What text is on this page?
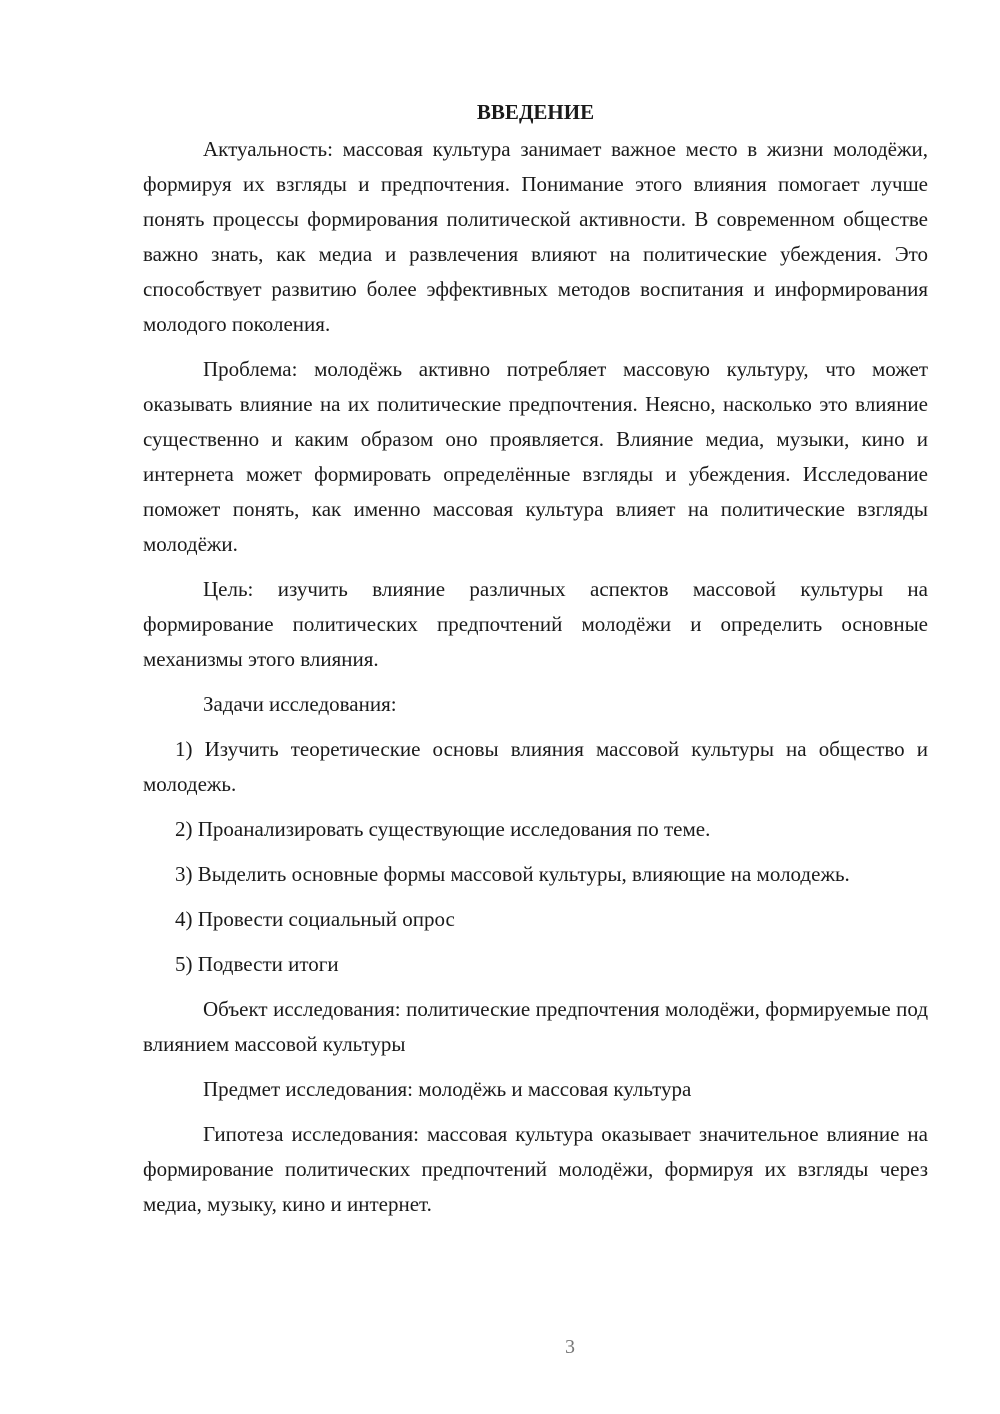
ВВЕДЕНИЕ

Актуальность: массовая культура занимает важное место в жизни молодёжи, формируя их взгляды и предпочтения. Понимание этого влияния помогает лучше понять процессы формирования политической активности. В современном обществе важно знать, как медиа и развлечения влияют на политические убеждения. Это способствует развитию более эффективных методов воспитания и информирования молодого поколения.

Проблема: молодёжь активно потребляет массовую культуру, что может оказывать влияние на их политические предпочтения. Неясно, насколько это влияние существенно и каким образом оно проявляется. Влияние медиа, музыки, кино и интернета может формировать определённые взгляды и убеждения. Исследование поможет понять, как именно массовая культура влияет на политические взгляды молодёжи.

Цель: изучить влияние различных аспектов массовой культуры на формирование политических предпочтений молодёжи и определить основные механизмы этого влияния.

Задачи исследования:

1) Изучить теоретические основы влияния массовой культуры на общество и молодежь.

2) Проанализировать существующие исследования по теме.

3) Выделить основные формы массовой культуры, влияющие на молодежь.

4) Провести социальный опрос

5) Подвести итоги

Объект исследования: политические предпочтения молодёжи, формируемые под влиянием массовой культуры

Предмет исследования: молодёжь и массовая культура

Гипотеза исследования: массовая культура оказывает значительное влияние на формирование политических предпочтений молодёжи, формируя их взгляды через медиа, музыку, кино и интернет.

3
